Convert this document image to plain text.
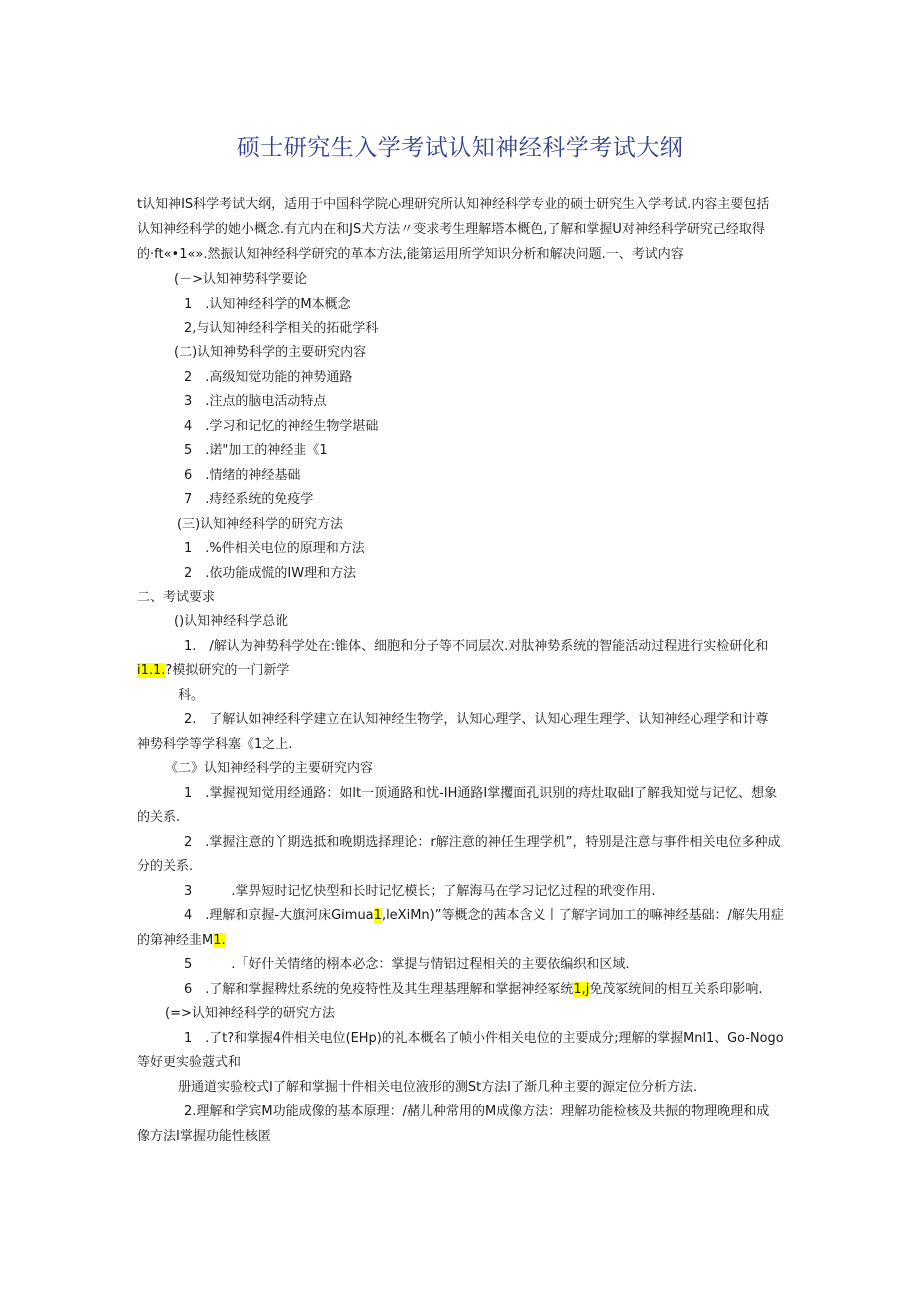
硕士研究生入学考试认知神经科学考试大纲
t认知神IS科学考试大纲，适用于中国科学院心理研究所认知神经科学专业的硕士研究生入学考试.内容主要包括
认知神经科学的她小概念.有亢内在和JS犬方法〃变求考生理解塔本概色,了解和掌握U对神经科学研究己经取得
的·ft«•1«».然振认知神经科学研究的革本方法,能第运用所学知识分析和解决问题.一、考试内容
(－>认知神势科学要论
1　.认知神经科学的M本概念
2,与认知神经科学相关的拓砒学科
(二)认知神势科学的主要研究内容
2　.高级知觉功能的神势通路
3　.注点的脑电活动特点
4　.学习和记忆的神经生物学堪础
5　.诺"加工的神经韭《1
6　.情绪的神经基础
7　.痔经系统的免疫学
(三)认知神经科学的研究方法
1　.%件相关电位的原理和方法
2　.依功能成慌的IW理和方法
二、考试要求
()认知神经科学总讹
1.　/解认为神势科学处在:锥体、细胞和分子等不同层次.对肽神势系统的智能活动过程进行实检研化和
i1.1.?模拟研究的一门新学
科。
2.　了解认如神经科学建立在认知神经生物学，认知心理学、认知心理生理学、认知神经心理学和计尊
神势科学等学科塞《1之上.
《二》认知神经科学的主要研究内容
1　.掌握视知觉用经通路：如lt一顶通路和忧-IH通路I掌攫面孔识别的痔灶取础I了解我知觉与记忆、想象
的关系.
2　.掌握注意的丫期选抵和晚期选择理论：r解注意的神任生理学机”，特别是注意与事件相关电位多种成
分的关系.
3　　　.掌畀短时记忆快型和长时记忆模长；了解海马在学习记忆过程的玳变作用.
4　.理解和京握-大旗河床Gimua1,leXiMn)”等概念的茜本含义丨了解字词加工的嘛神经基础：/解失用症
的第神经韭M1.
5　　　.「好什关情绪的栩本必念：掌提与情铝过程相关的主要依编织和区域.
6　.了解和掌握稗灶系统的免疫特性及其生理基理解和掌据神经冢统1,j免茂冢统间的相互关系印影响.
(=>认知神经科学的研究方法
1　.了t?和掌握4件相关电位(EHp)的礼本概名了帧小件相关电位的主要成分;理解的掌握Mnl1、Go-Nogo
等好更实验蔻式和
册通道实验校式I了解和掌掘十件相关电位液形的测St方法I了渐几种主要的源定位分析方法.
2.理解和学宾M功能成像的基本原理：/赭儿种常用的M成像方法：理解功能检核及共振的物理晚理和成
像方法I掌握功能性核匿
